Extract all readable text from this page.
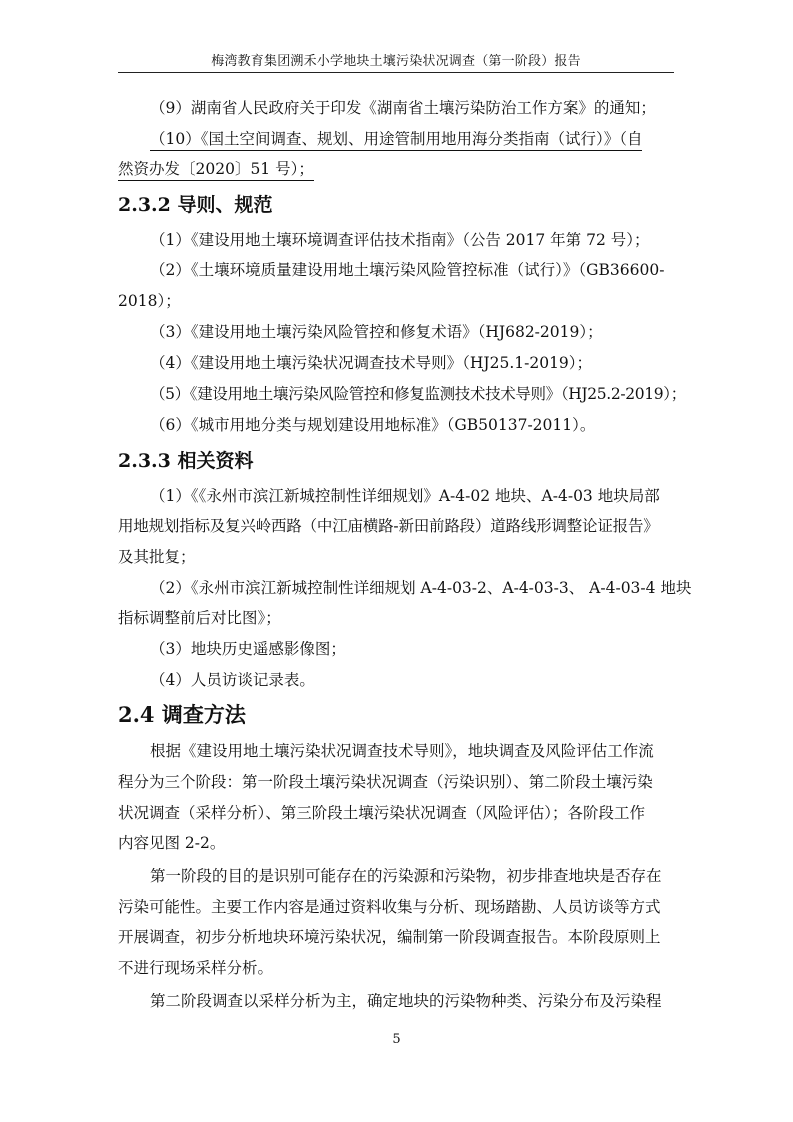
梅湾教育集团溯禾小学地块土壤污染状况调查（第一阶段）报告
（9）湖南省人民政府关于印发《湖南省土壤污染防治工作方案》的通知；
（10）《国土空间调查、规划、用途管制用地用海分类指南（试行）》（自
然资办发〔2020〕51 号）；
2.3.2 导则、规范
（1）《建设用地土壤环境调查评估技术指南》（公告 2017 年第 72 号）；
（2）《土壤环境质量建设用地土壤污染风险管控标准（试行）》（GB36600-
2018）；
（3）《建设用地土壤污染风险管控和修复术语》（HJ682-2019）；
（4）《建设用地土壤污染状况调查技术导则》（HJ25.1-2019）；
（5）《建设用地土壤污染风险管控和修复监测技术技术导则》（HJ25.2-2019）；
（6）《城市用地分类与规划建设用地标准》（GB50137-2011）。
2.3.3 相关资料
（1）《《永州市滨江新城控制性详细规划》A-4-02 地块、A-4-03 地块局部
用地规划指标及复兴岭西路（中江庙横路-新田前路段）道路线形调整论证报告》
及其批复；
（2）《永州市滨江新城控制性详细规划 A-4-03-2、A-4-03-3、 A-4-03-4 地块
指标调整前后对比图》；
（3）地块历史遥感影像图；
（4）人员访谈记录表。
2.4 调查方法
根据《建设用地土壤污染状况调查技术导则》，地块调查及风险评估工作流
程分为三个阶段：第一阶段土壤污染状况调查（污染识别）、第二阶段土壤污染
状况调查（采样分析）、第三阶段土壤污染状况调查（风险评估）；各阶段工作
内容见图 2-2。
第一阶段的目的是识别可能存在的污染源和污染物，初步排查地块是否存在
污染可能性。主要工作内容是通过资料收集与分析、现场踏勘、人员访谈等方式
开展调查，初步分析地块环境污染状况，编制第一阶段调查报告。本阶段原则上
不进行现场采样分析。
第二阶段调查以采样分析为主，确定地块的污染物种类、污染分布及污染程
5
